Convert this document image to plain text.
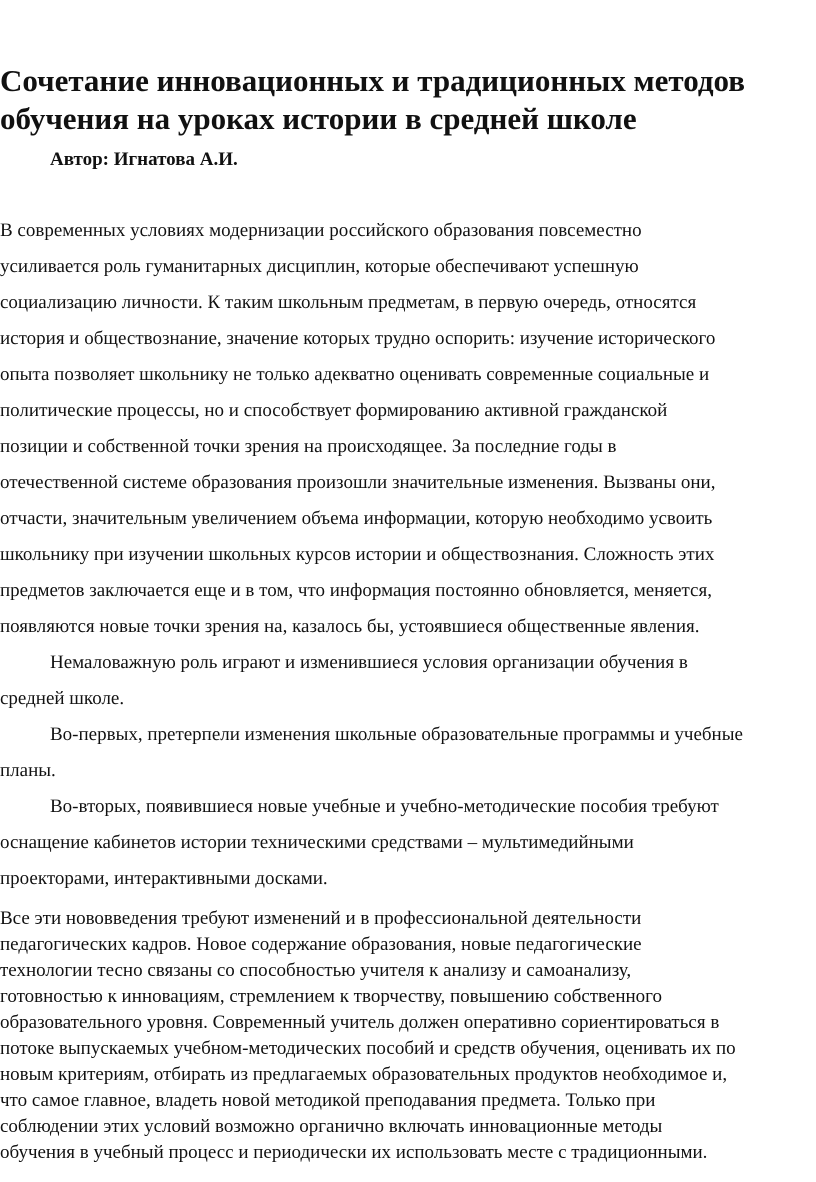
Сочетание инновационных и традиционных методов
обучения на уроках истории в средней школе

Автор: Игнатова А.И.

В современных условиях модернизации российского образования повсеместно
усиливается роль гуманитарных дисциплин, которые обеспечивают успешную
социализацию личности. К таким школьным предметам, в первую очередь, относятся
история и обществознание, значение которых трудно оспорить: изучение исторического
опыта позволяет школьнику не только адекватно оценивать современные социальные и
политические процессы, но и способствует формированию активной гражданской
позиции и собственной точки зрения на происходящее. За последние годы в
отечественной системе образования произошли значительные изменения. Вызваны они,
отчасти, значительным увеличением объема информации, которую необходимо усвоить
школьнику при изучении школьных курсов истории и обществознания. Сложность этих
предметов заключается еще и в том, что информация постоянно обновляется, меняется,
появляются новые точки зрения на, казалось бы, устоявшиеся общественные явления.
Немаловажную роль играют и изменившиеся условия организации обучения в
средней школе.
Во-первых, претерпели изменения школьные образовательные программы и учебные
планы.
Во-вторых, появившиеся новые учебные и учебно-методические пособия требуют
оснащение кабинетов истории техническими средствами – мультимедийными
проекторами, интерактивными досками.
Все эти нововведения требуют изменений и в профессиональной деятельности
педагогических кадров. Новое содержание образования, новые педагогические
технологии тесно связаны со способностью учителя к анализу и самоанализу,
готовностью к инновациям, стремлением к творчеству, повышению собственного
образовательного уровня. Современный учитель должен оперативно сориентироваться в
потоке выпускаемых учебном-методических пособий и средств обучения, оценивать их по
новым критериям, отбирать из предлагаемых образовательных продуктов необходимое и,
что самое главное, владеть новой методикой преподавания предмета. Только при
соблюдении этих условий возможно органично включать инновационные методы
обучения в учебный процесс и периодически их использовать месте с традиционными.
